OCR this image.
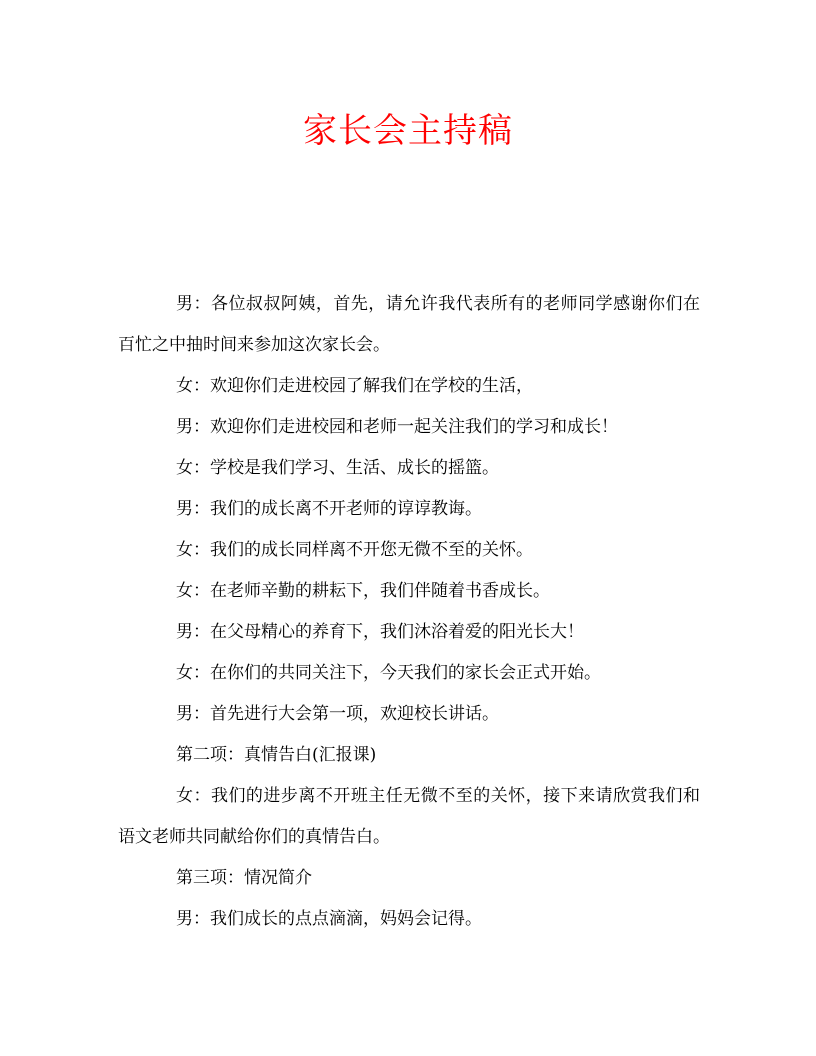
家长会主持稿

男：各位叔叔阿姨，首先，请允许我代表所有的老师同学感谢你们在百忙之中抽时间来参加这次家长会。

女：欢迎你们走进校园了解我们在学校的生活，

男：欢迎你们走进校园和老师一起关注我们的学习和成长！

女：学校是我们学习、生活、成长的摇篮。

男：我们的成长离不开老师的谆谆教诲。

女：我们的成长同样离不开您无微不至的关怀。

女：在老师辛勤的耕耘下，我们伴随着书香成长。

男：在父母精心的养育下，我们沐浴着爱的阳光长大！

女：在你们的共同关注下，今天我们的家长会正式开始。

男：首先进行大会第一项，欢迎校长讲话。

第二项：真情告白(汇报课)

女：我们的进步离不开班主任无微不至的关怀，接下来请欣赏我们和语文老师共同献给你们的真情告白。

第三项：情况简介

男：我们成长的点点滴滴，妈妈会记得。
